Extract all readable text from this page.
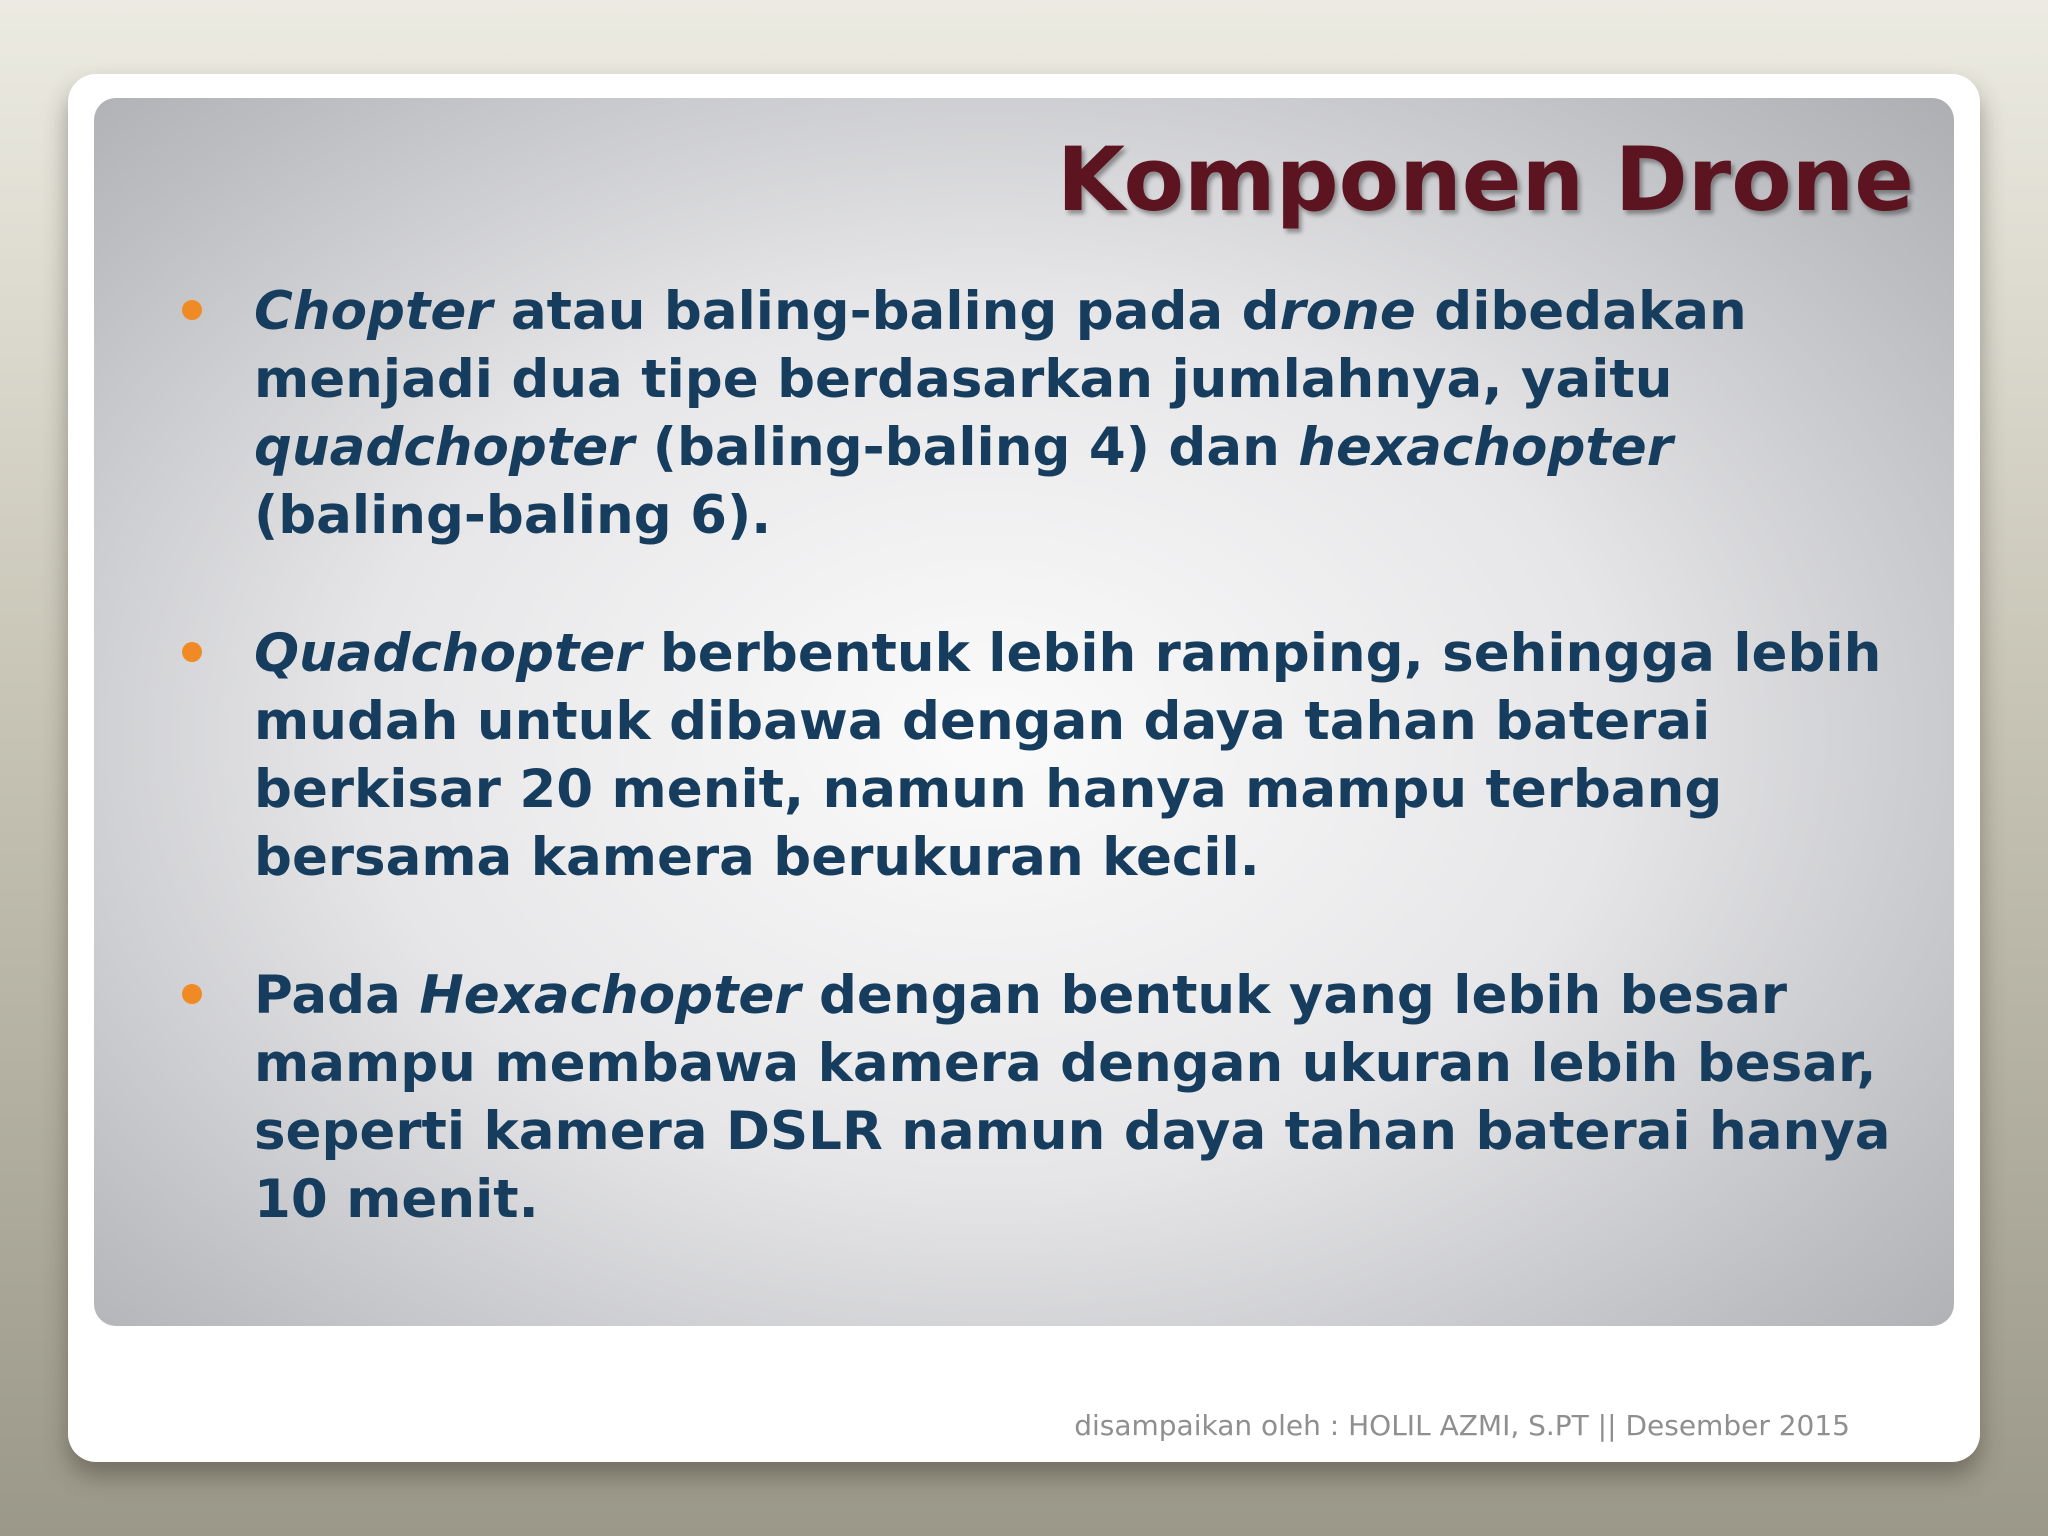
Komponen Drone
Chopter atau baling-baling pada drone dibedakan menjadi dua tipe berdasarkan jumlahnya, yaitu quadchopter (baling-baling 4) dan hexachopter (baling-baling 6).
Quadchopter berbentuk lebih ramping, sehingga lebih mudah untuk dibawa dengan daya tahan baterai berkisar 20 menit, namun hanya mampu terbang bersama kamera berukuran kecil.
Pada Hexachopter dengan bentuk yang lebih besar mampu membawa kamera dengan ukuran lebih besar, seperti kamera DSLR namun daya tahan baterai hanya 10 menit.
disampaikan oleh : HOLIL AZMI, S.PT || Desember 2015
